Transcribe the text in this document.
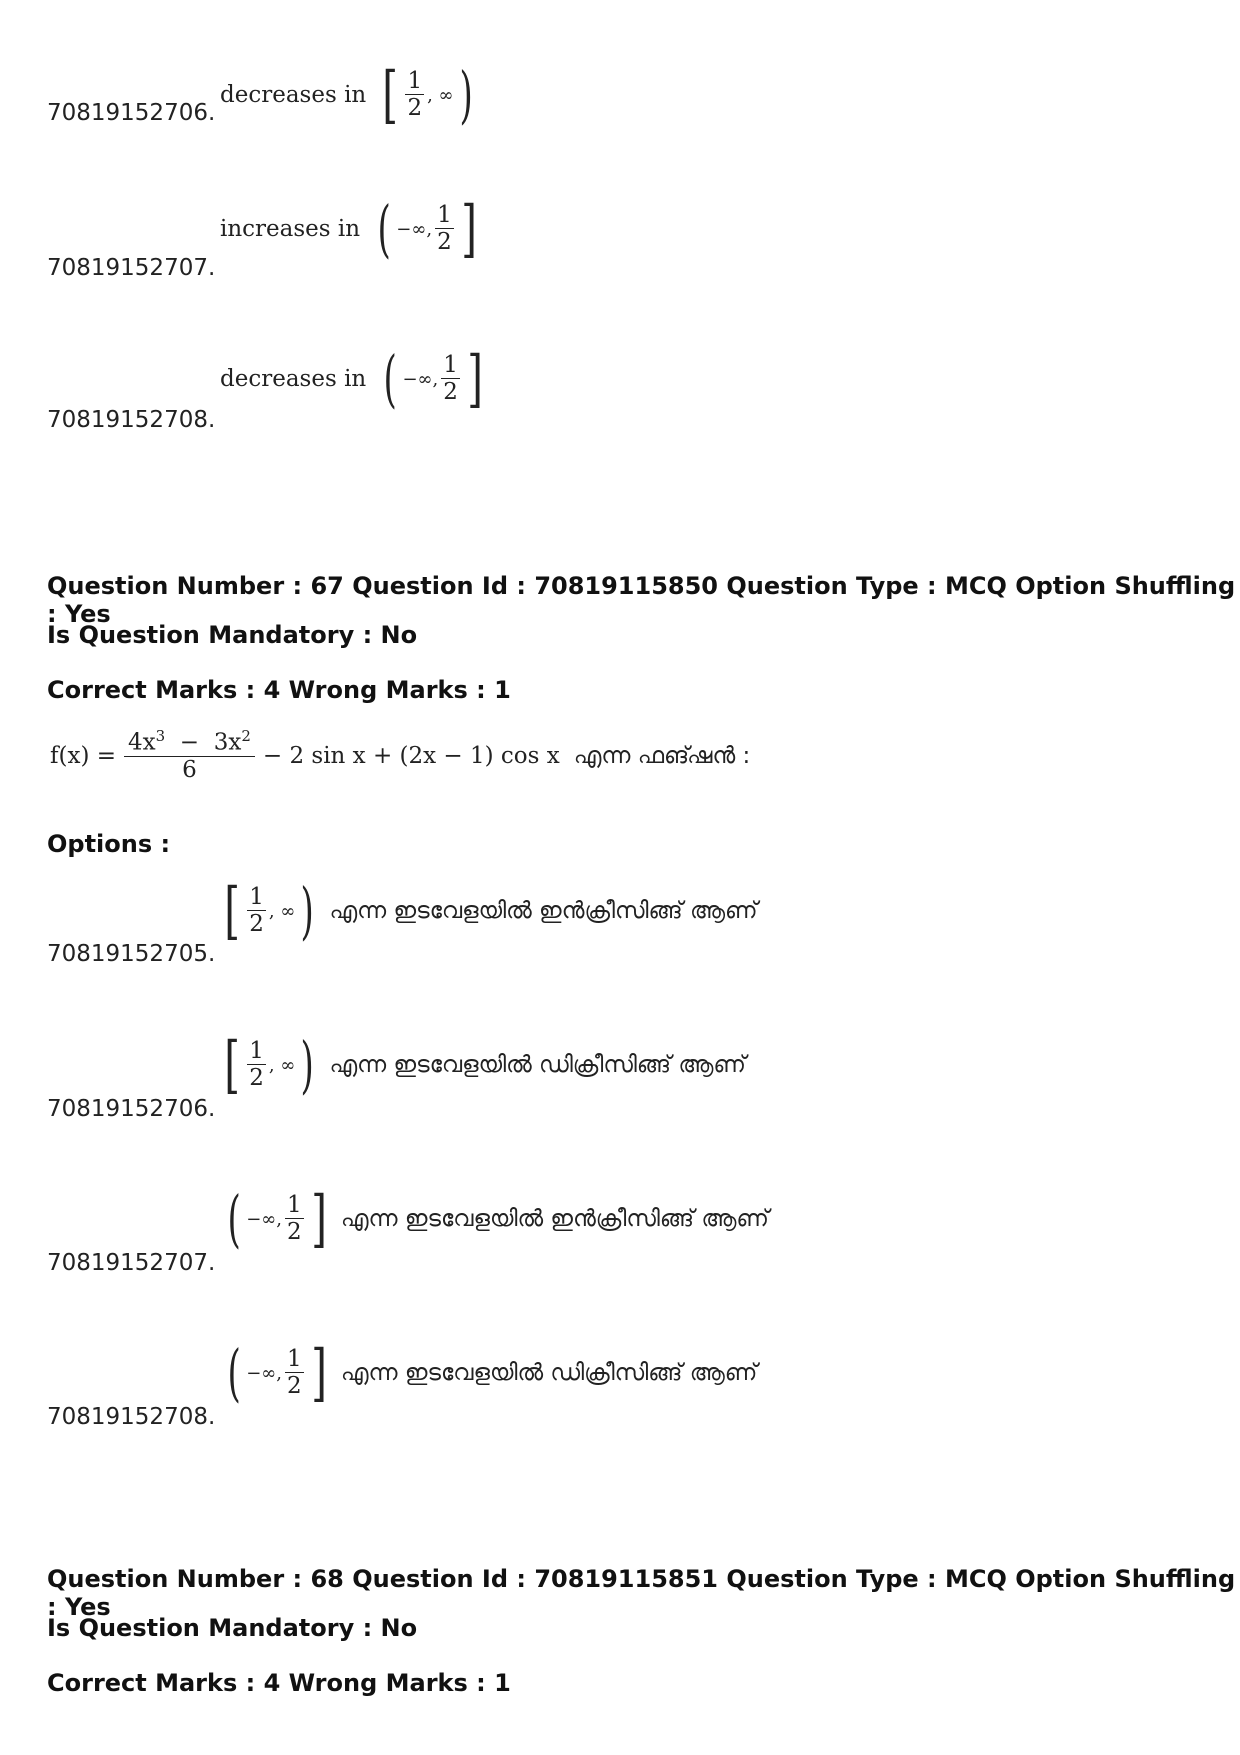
decreases in [ $\frac{1}{2}$ , ∞ )
70819152706.
increases in ( −∞, $\frac{1}{2}$ ]
70819152707.
decreases in ( −∞, $\frac{1}{2}$ ]
70819152708.
Question Number : 67 Question Id : 70819115850 Question Type : MCQ Option Shuffling : Yes
Is Question Mandatory : No
Correct Marks : 4 Wrong Marks : 1
$f(x) = \frac{4x^3 - 3x^2}{6} - 2$ sin x + (2x − 1) cos x എന്ന ഫങ്ഷൻ :
Options :
[ $\frac{1}{2}$ ,
∞ ) എന്ന ഇടവേളയിൽ ഇൻക്രീസിങ്ങ് ആണ്
70819152705.
[ $\frac{1}{2}$ ,
∞ ) എന്ന ഇടവേളയിൽ ഡിക്രീസിങ്ങ് ആണ്
70819152706.
( −∞, $\frac{1}{2}$ ] എന്ന ഇടവേളയിൽ ഇൻക്രീസിങ്ങ് ആണ്
70819152707.
( −∞, $\frac{1}{2}$ ] എന്ന ഇടവേളയിൽ ഡിക്രീസിങ്ങ് ആണ്
70819152708.
Question Number : 68 Question Id : 70819115851 Question Type : MCQ Option Shuffling : Yes
Is Question Mandatory : No
Correct Marks : 4 Wrong Marks : 1
